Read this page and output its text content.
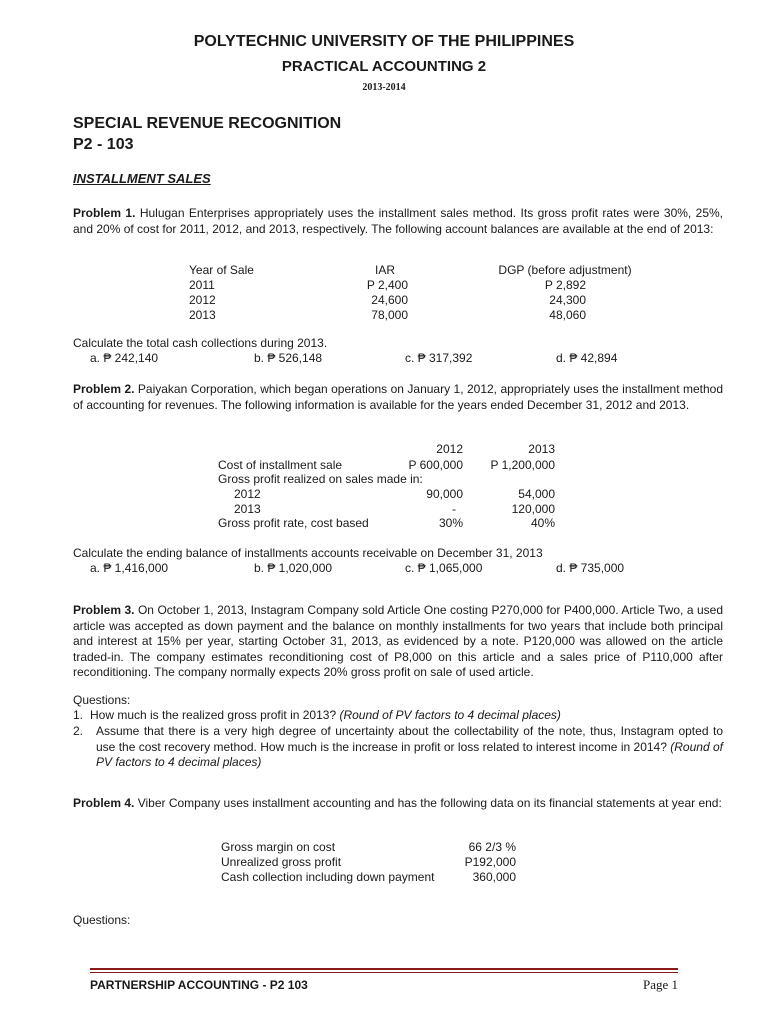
POLYTECHNIC UNIVERSITY OF THE PHILIPPINES
PRACTICAL ACCOUNTING 2
2013-2014
SPECIAL REVENUE RECOGNITION
P2 - 103
INSTALLMENT SALES
Problem 1. Hulugan Enterprises appropriately uses the installment sales method. Its gross profit rates were 30%, 25%, and 20% of cost for 2011, 2012, and 2013, respectively. The following account balances are available at the end of 2013:
Year of Sale	IAR	DGP (before adjustment)
2011	P 2,400	P 2,892
2012	24,600	24,300
2013	78,000	48,060
Calculate the total cash collections during 2013.
a. ₱ 242,140	b. ₱ 526,148	c. ₱ 317,392	d. ₱ 42,894
Problem 2. Paiyakan Corporation, which began operations on January 1, 2012, appropriately uses the installment method of accounting for revenues. The following information is available for the years ended December 31, 2012 and 2013.
2012	2013
Cost of installment sale	P 600,000	P 1,200,000
Gross profit realized on sales made in:
2012	90,000	54,000
2013	-	120,000
Gross profit rate, cost based	30%	40%
Calculate the ending balance of installments accounts receivable on December 31, 2013
a. ₱ 1,416,000	b. ₱ 1,020,000	c. ₱ 1,065,000	d. ₱ 735,000
Problem 3. On October 1, 2013, Instagram Company sold Article One costing P270,000 for P400,000. Article Two, a used article was accepted as down payment and the balance on monthly installments for two years that include both principal and interest at 15% per year, starting October 31, 2013, as evidenced by a note. P120,000 was allowed on the article traded-in. The company estimates reconditioning cost of P8,000 on this article and a sales price of P110,000 after reconditioning. The company normally expects 20% gross profit on sale of used article.
Questions:
1. How much is the realized gross profit in 2013? (Round of PV factors to 4 decimal places)
2. Assume that there is a very high degree of uncertainty about the collectability of the note, thus, Instagram opted to use the cost recovery method. How much is the increase in profit or loss related to interest income in 2014? (Round of PV factors to 4 decimal places)
Problem 4. Viber Company uses installment accounting and has the following data on its financial statements at year end:
Gross margin on cost	66 2/3 %
Unrealized gross profit	P192,000
Cash collection including down payment	360,000
Questions:
PARTNERSHIP ACCOUNTING - P2 103	Page 1
